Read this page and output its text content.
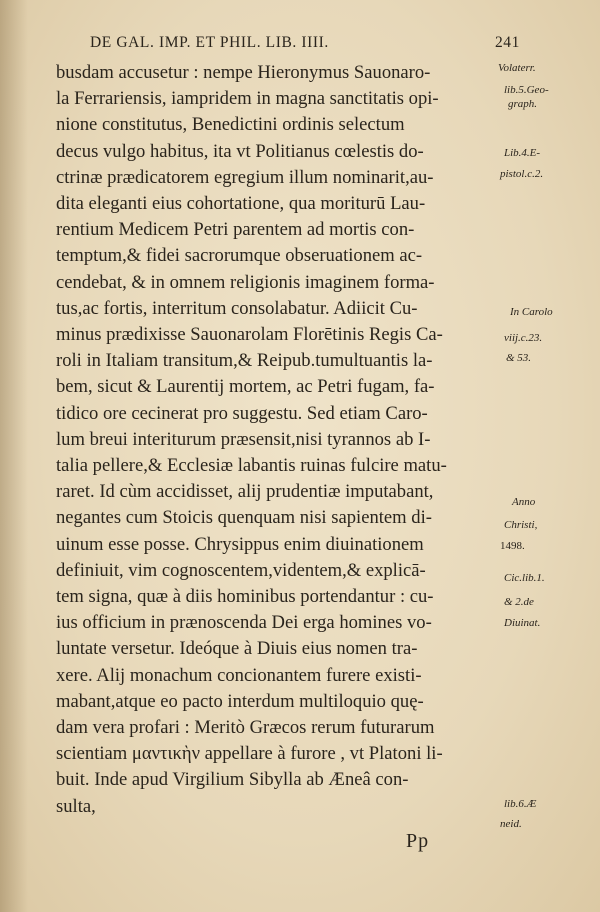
DE GAL. IMP. ET PHIL. LIB. IIII.	241
busdam accusetur : nempe Hieronymus Sauonaro-
la Ferrariensis, iampridem in magna sanctitatis opi-
nione constitutus, Benedictini ordinis selectum
decus vulgo habitus, ita vt Politianus cœlestis do-
ctrinæ prædicatorem egregium illum nominarit,au-
dita eleganti eius cohortatione, qua moriturū Lau-
rentium Medicem Petri parentem ad mortis con-
temptum,& fidei sacrorumque obseruationem ac-
cendebat, & in omnem religionis imaginem forma-
tus,ac fortis, interritum consolabatur. Adiicit Cu-
minus prædixisse Sauonarolam Florētinis Regis Ca-
roli in Italiam transitum,& Reipub.tumultuantis la-
bem, sicut & Laurentij mortem, ac Petri fugam, fa-
tidico ore cecinerat pro suggestu. Sed etiam Caro-
lum breui interiturum præsensit,nisi tyrannos ab I-
talia pellere,& Ecclesiæ labantis ruinas fulcire matu-
raret. Id cùm accidisset, alij prudentiæ imputabant,
negantes cum Stoicis quenquam nisi sapientem di-
uinum esse posse. Chrysippus enim diuinationem
definiuit, vim cognoscentem,videntem,& explicā-
tem signa, quæ à diis hominibus portendantur : cu-
ius officium in prænoscenda Dei erga homines vo-
luntate versetur. Ideóque à Diuis eius nomen tra-
xere. Alij monachum concionantem furere existi-
mabant,atque eo pacto interdum multiloquio quę-
dam vera profari : Meritò Græcos rerum futurarum
scientiam μαντικὴν appellare à furore , vt Platoni li-
buit. Inde apud Virgilium Sibylla ab Æneâ con-
sulta,
Volaterr.
lib.5.Geo-
graph.
Lib.4.E-
pistol.c.2.
In Carolo
viij.c.23.
& 53.
Anno
Christi,
1498.
Cic.lib.1.
& 2.de
Diuinat.
lib.6.Æ
neid.
Pp
